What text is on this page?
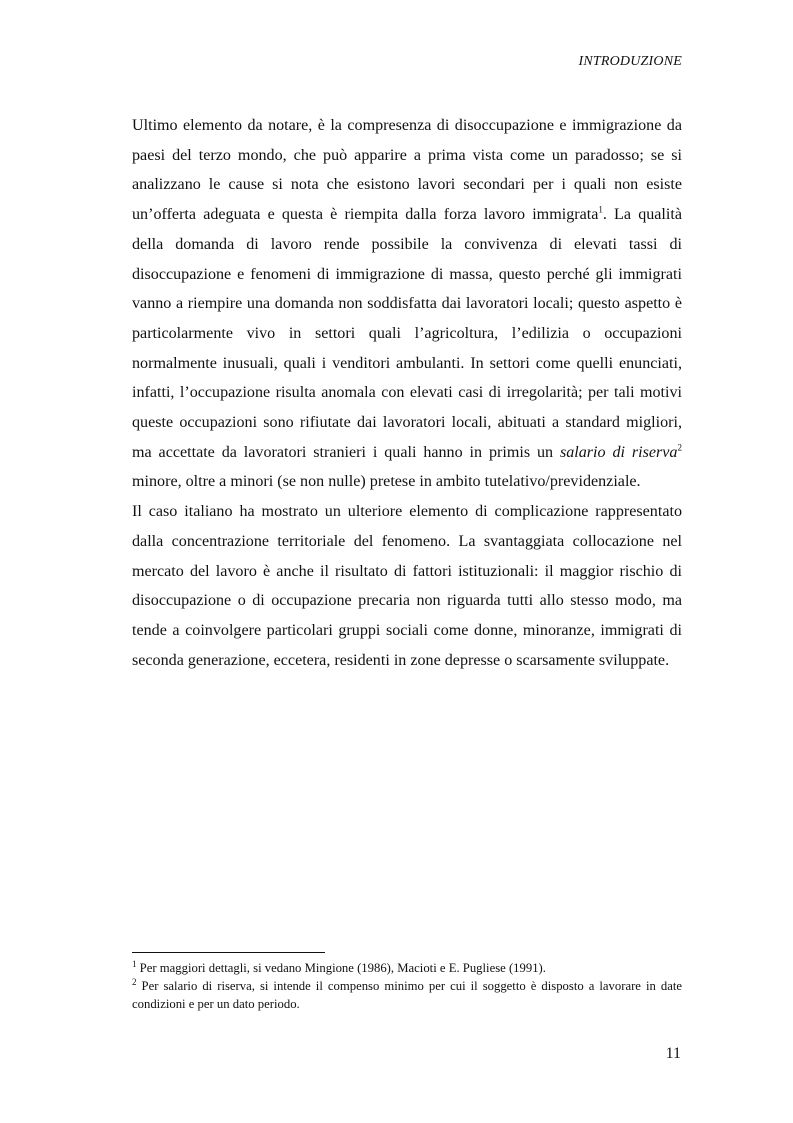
INTRODUZIONE

Ultimo elemento da notare, è la compresenza di disoccupazione e immigrazione da paesi del terzo mondo, che può apparire a prima vista come un paradosso; se si analizzano le cause si nota che esistono lavori secondari per i quali non esiste un’offerta adeguata e questa è riempita dalla forza lavoro immigrata$^1$. La qualità della domanda di lavoro rende possibile la convivenza di elevati tassi di disoccupazione e fenomeni di immigrazione di massa, questo perché gli immigrati vanno a riempire una domanda non soddisfatta dai lavoratori locali; questo aspetto è particolarmente vivo in settori quali l’agricoltura, l’edilizia o occupazioni normalmente inusuali, quali i venditori ambulanti. In settori come quelli enunciati, infatti, l’occupazione risulta anomala con elevati casi di irregolarità; per tali motivi queste occupazioni sono rifiutate dai lavoratori locali, abituati a standard migliori, ma accettate da lavoratori stranieri i quali hanno in primis un salario di riserva$^2$ minore, oltre a minori (se non nulle) pretese in ambito tutelativo/previdenziale.

Il caso italiano ha mostrato un ulteriore elemento di complicazione rappresentato dalla concentrazione territoriale del fenomeno. La svantaggiata collocazione nel mercato del lavoro è anche il risultato di fattori istituzionali: il maggior rischio di disoccupazione o di occupazione precaria non riguarda tutti allo stesso modo, ma tende a coinvolgere particolari gruppi sociali come donne, minoranze, immigrati di seconda generazione, eccetera, residenti in zone depresse o scarsamente sviluppate.

$^1$ Per maggiori dettagli, si vedano Mingione (1986), Macioti e E. Pugliese (1991).

$^2$ Per salario di riserva, si intende il compenso minimo per cui il soggetto è disposto a lavorare in date condizioni e per un dato periodo.

11
